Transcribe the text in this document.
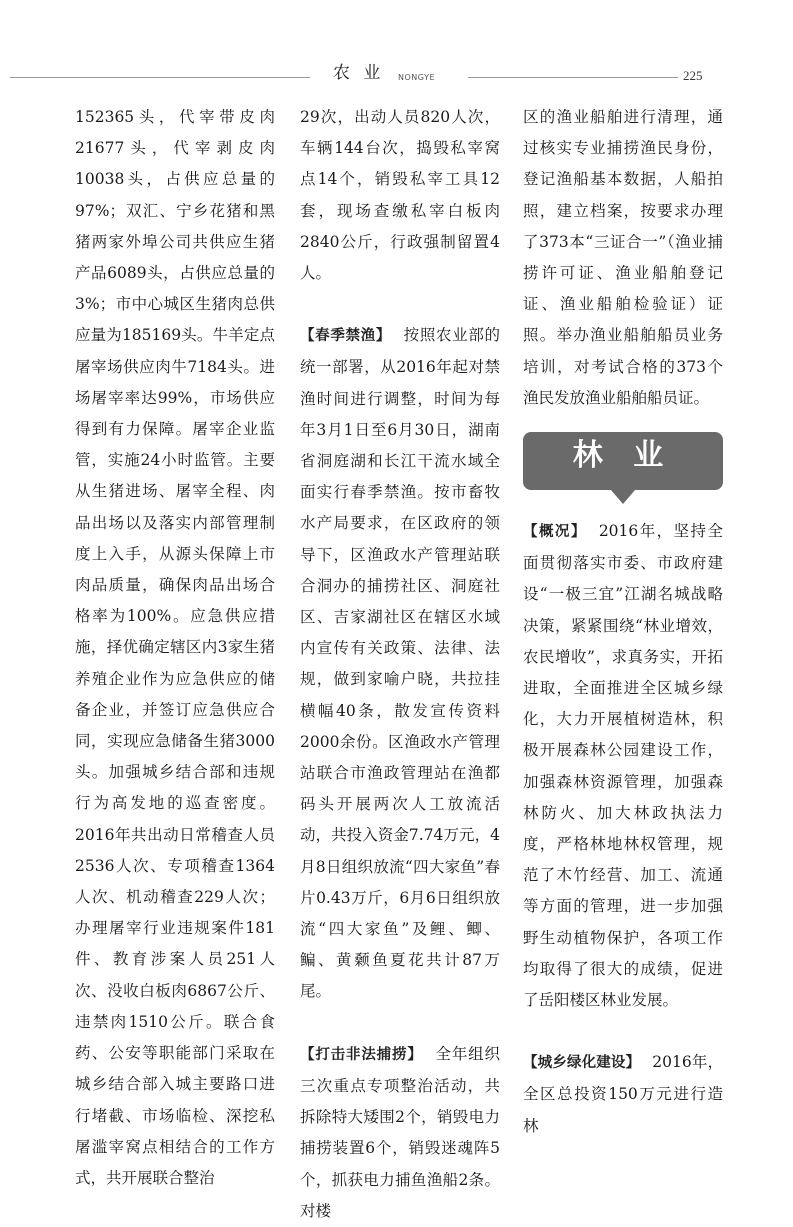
农 业 NONGYE	225

152365头，代宰带皮肉21677头，代宰剥皮肉10038头，占供应总量的97%；双汇、宁乡花猪和黑猪两家外埠公司共供应生猪产品6089头，占供应总量的3%；市中心城区生猪肉总供应量为185169头。牛羊定点屠宰场供应肉牛7184头。进场屠宰率达99%，市场供应得到有力保障。屠宰企业监管，实施24小时监管。主要从生猪进场、屠宰全程、肉品出场以及落实内部管理制度上入手，从源头保障上市肉品质量，确保肉品出场合格率为100%。应急供应措施，择优确定辖区内3家生猪养殖企业作为应急供应的储备企业，并签订应急供应合同，实现应急储备生猪3000头。加强城乡结合部和违规行为高发地的巡查密度。2016年共出动日常稽查人员2536人次、专项稽查1364人次、机动稽查229人次；办理屠宰行业违规案件181件、教育涉案人员251人次、没收白板肉6867公斤、违禁肉1510公斤。联合食药、公安等职能部门采取在城乡结合部入城主要路口进行堵截、市场临检、深挖私屠滥宰窝点相结合的工作方式，共开展联合整治

29次，出动人员820人次，车辆144台次，捣毁私宰窝点14个，销毁私宰工具12套，现场查缴私宰白板肉2840公斤，行政强制留置4人。

【春季禁渔】 按照农业部的统一部署，从2016年起对禁渔时间进行调整，时间为每年3月1日至6月30日，湖南省洞庭湖和长江干流水域全面实行春季禁渔。按市畜牧水产局要求，在区政府的领导下，区渔政水产管理站联合洞办的捕捞社区、洞庭社区、吉家湖社区在辖区水域内宣传有关政策、法律、法规，做到家喻户晓，共拉挂横幅40条，散发宣传资料2000余份。区渔政水产管理站联合市渔政管理站在渔都码头开展两次人工放流活动，共投入资金7.74万元，4月8日组织放流“四大家鱼”春片0.43万斤，6月6日组织放流“四大家鱼”及鲤、鲫、鳊、黄颡鱼夏花共计87万尾。

【打击非法捕捞】 全年组织三次重点专项整治活动，共拆除特大矮围2个，销毁电力捕捞装置6个，销毁迷魂阵5个，抓获电力捕鱼渔船2条。对楼

区的渔业船舶进行清理，通过核实专业捕捞渔民身份，登记渔船基本数据，人船拍照，建立档案，按要求办理了373本“三证合一”（渔业捕捞许可证、渔业船舶登记证、渔业船舶检验证）证照。举办渔业船舶船员业务培训，对考试合格的373个渔民发放渔业船舶船员证。

林 业

【概况】 2016年，坚持全面贯彻落实市委、市政府建设“一极三宜”江湖名城战略决策，紧紧围绕“林业增效，农民增收”，求真务实，开拓进取，全面推进全区城乡绿化，大力开展植树造林，积极开展森林公园建设工作，加强森林资源管理，加强森林防火、加大林政执法力度，严格林地林权管理，规范了木竹经营、加工、流通等方面的管理，进一步加强野生动植物保护，各项工作均取得了很大的成绩，促进了岳阳楼区林业发展。

【城乡绿化建设】 2016年，全区总投资150万元进行造林
